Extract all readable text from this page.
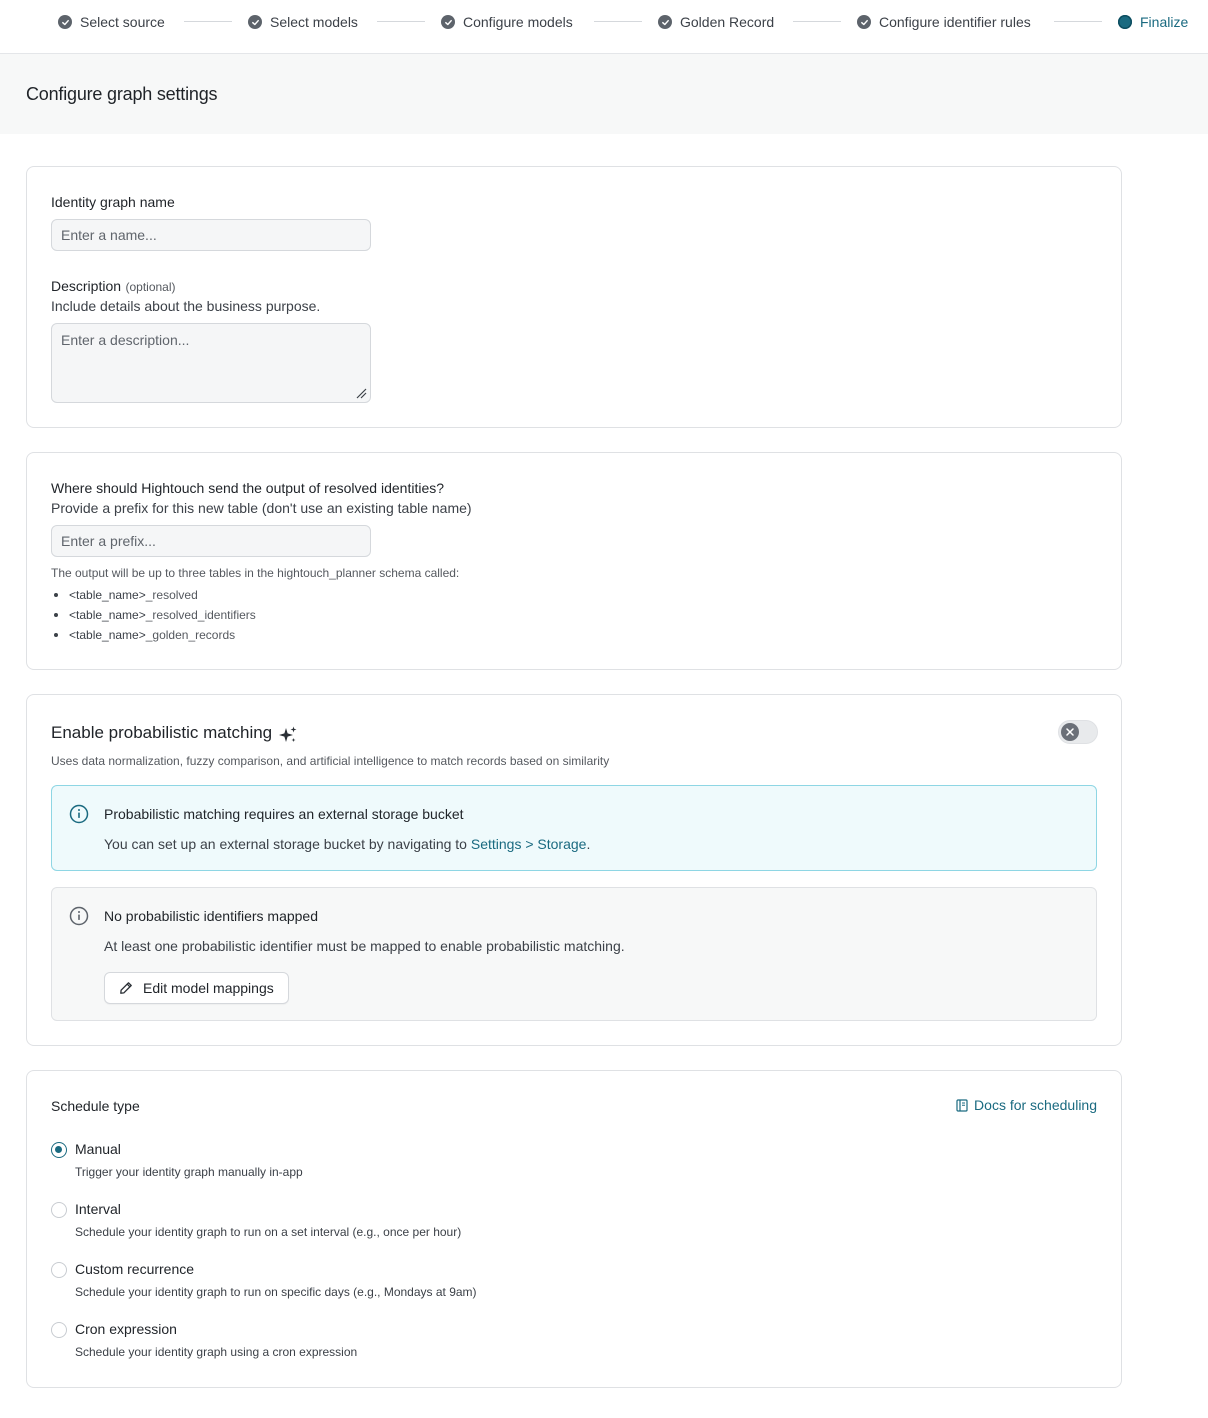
Select source	Select models	Configure models	Golden Record	Configure identifier rules	Finalize
Configure graph settings
Identity graph name
Enter a name...
Description (optional)
Include details about the business purpose.
Enter a description...
Where should Hightouch send the output of resolved identities?
Provide a prefix for this new table (don't use an existing table name)
Enter a prefix...
The output will be up to three tables in the hightouch_planner schema called:
<table_name>_resolved
<table_name>_resolved_identifiers
<table_name>_golden_records
Enable probabilistic matching
Uses data normalization, fuzzy comparison, and artificial intelligence to match records based on similarity
Probabilistic matching requires an external storage bucket
You can set up an external storage bucket by navigating to Settings > Storage.
No probabilistic identifiers mapped
At least one probabilistic identifier must be mapped to enable probabilistic matching.
Edit model mappings
Schedule type	Docs for scheduling
Manual
Trigger your identity graph manually in-app
Interval
Schedule your identity graph to run on a set interval (e.g., once per hour)
Custom recurrence
Schedule your identity graph to run on specific days (e.g., Mondays at 9am)
Cron expression
Schedule your identity graph using a cron expression
